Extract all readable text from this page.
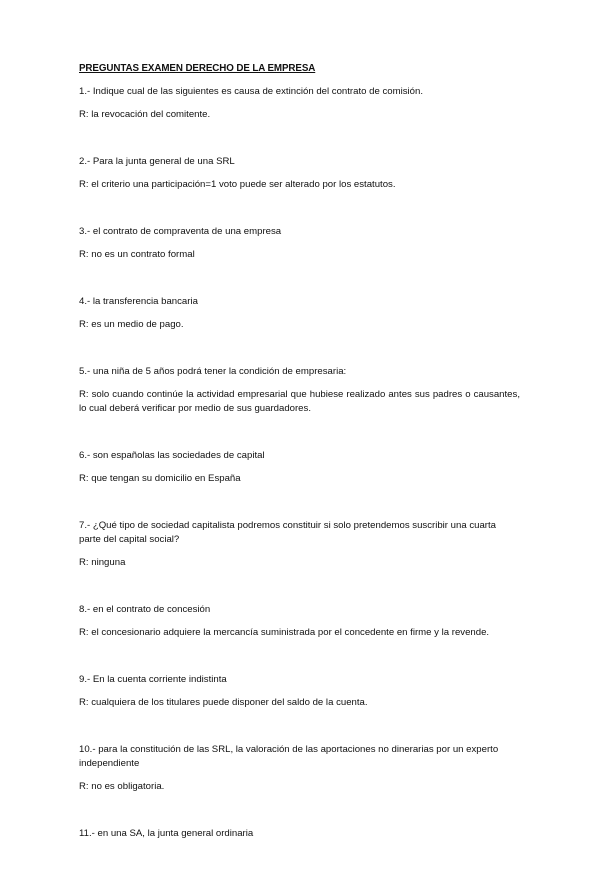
PREGUNTAS EXAMEN DERECHO DE LA EMPRESA

1.- Indique cual de las siguientes es causa de extinción del contrato de comisión.

R: la revocación del comitente.

2.- Para la junta general de una SRL

R: el criterio una participación=1 voto puede ser alterado por los estatutos.

3.- el contrato de compraventa de una empresa

R: no es un contrato formal

4.- la transferencia bancaria

R: es un medio de pago.

5.- una niña de 5 años podrá tener la condición de empresaria:

R: solo cuando continúe la actividad empresarial que hubiese realizado antes sus padres o causantes, lo cual deberá verificar por medio de sus guardadores.

6.- son españolas las sociedades de capital

R: que tengan su domicilio en España

7.- ¿Qué tipo de sociedad capitalista podremos constituir si solo pretendemos suscribir una cuarta parte del capital social?

R: ninguna

8.- en el contrato de concesión

R: el concesionario adquiere la mercancía suministrada por el concedente en firme y la revende.

9.- En la cuenta corriente indistinta

R: cualquiera de los titulares puede disponer del saldo de la cuenta.

10.- para la constitución de las SRL, la valoración de las aportaciones no dinerarias por un experto independiente

R: no es obligatoria.

11.- en una SA, la junta general ordinaria
